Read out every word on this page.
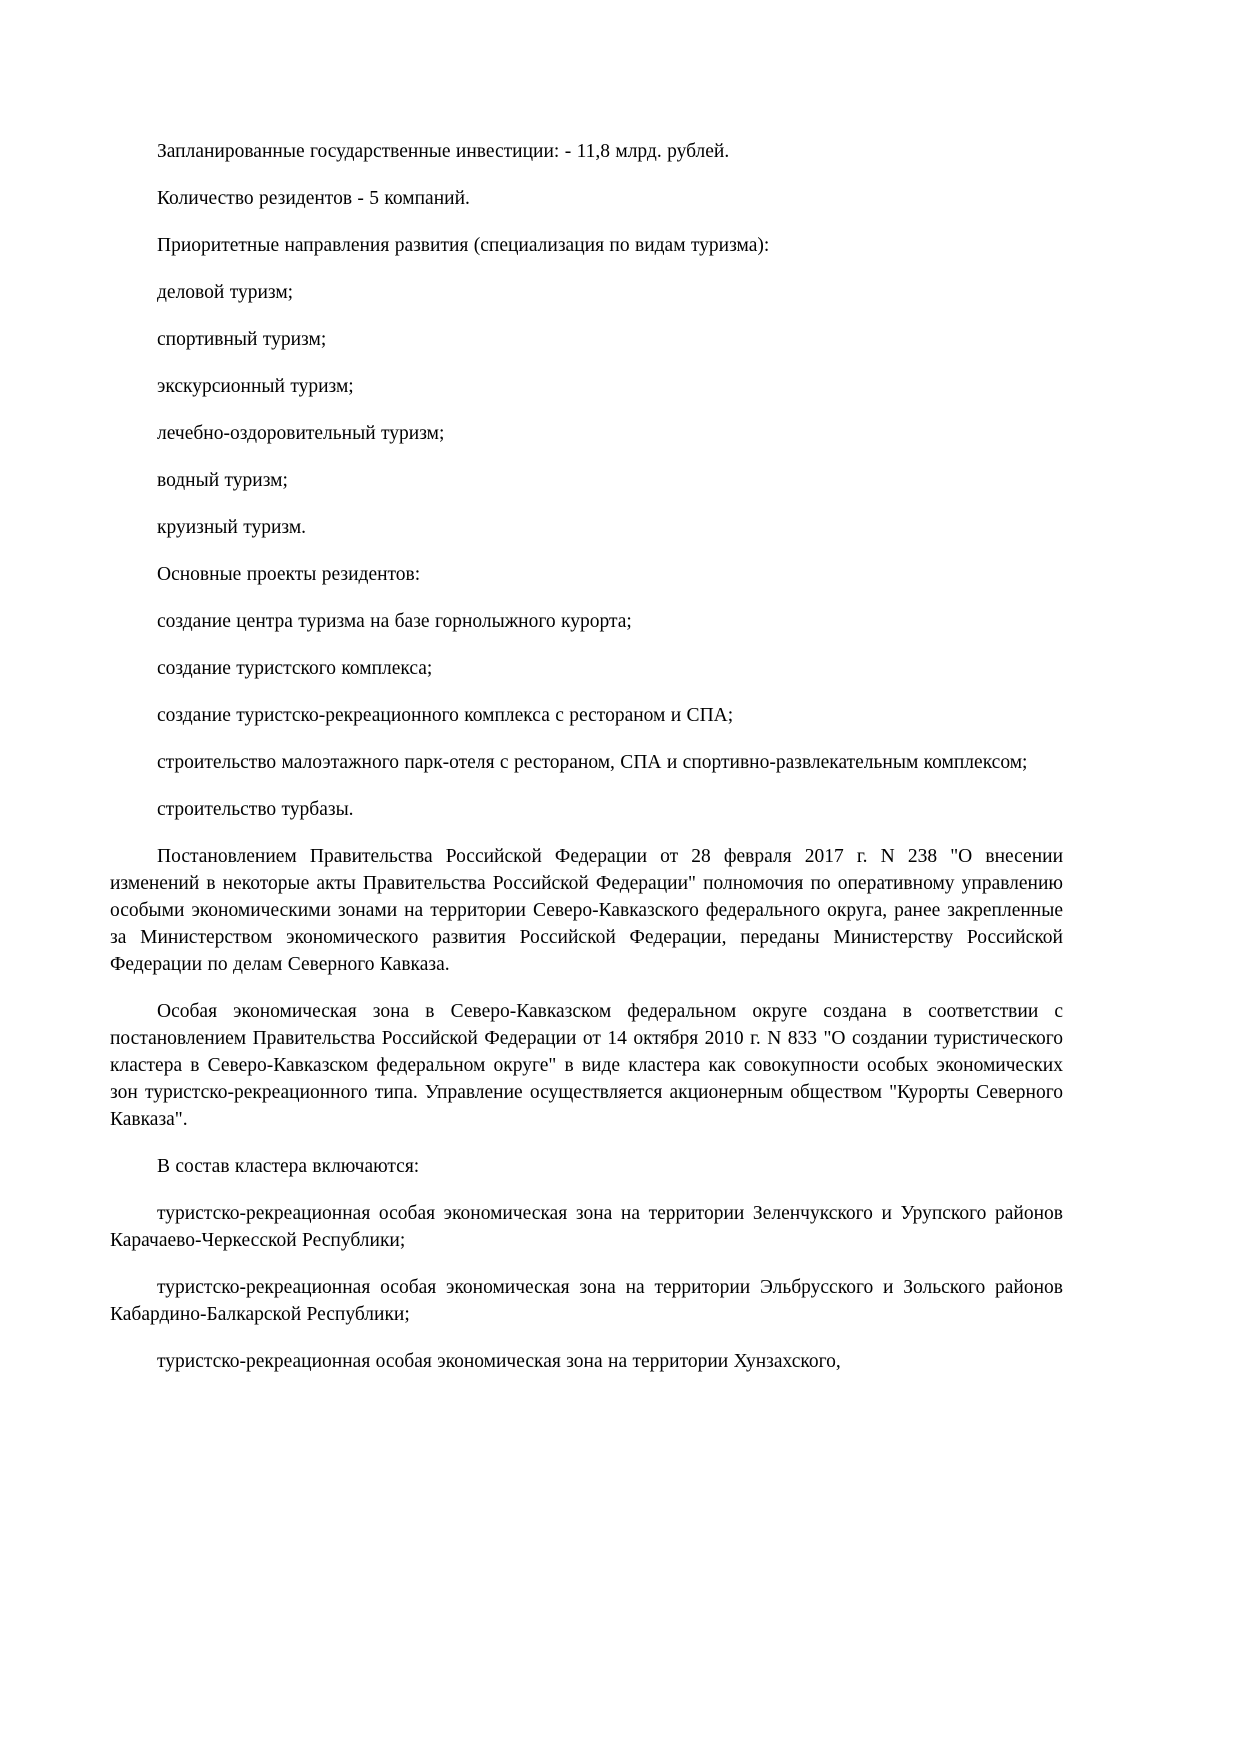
Запланированные государственные инвестиции: - 11,8 млрд. рублей.

Количество резидентов - 5 компаний.

Приоритетные направления развития (специализация по видам туризма):

деловой туризм;

спортивный туризм;

экскурсионный туризм;

лечебно-оздоровительный туризм;

водный туризм;

круизный туризм.

Основные проекты резидентов:

создание центра туризма на базе горнолыжного курорта;

создание туристского комплекса;

создание туристско-рекреационного комплекса с рестораном и СПА;

строительство малоэтажного парк-отеля с рестораном, СПА и спортивно-развлекательным комплексом;

строительство турбазы.

Постановлением Правительства Российской Федерации от 28 февраля 2017 г. N 238 "О внесении изменений в некоторые акты Правительства Российской Федерации" полномочия по оперативному управлению особыми экономическими зонами на территории Северо-Кавказского федерального округа, ранее закрепленные за Министерством экономического развития Российской Федерации, переданы Министерству Российской Федерации по делам Северного Кавказа.

Особая экономическая зона в Северо-Кавказском федеральном округе создана в соответствии с постановлением Правительства Российской Федерации от 14 октября 2010 г. N 833 "О создании туристического кластера в Северо-Кавказском федеральном округе" в виде кластера как совокупности особых экономических зон туристско-рекреационного типа. Управление осуществляется акционерным обществом "Курорты Северного Кавказа".

В состав кластера включаются:

туристско-рекреационная особая экономическая зона на территории Зеленчукского и Урупского районов Карачаево-Черкесской Республики;

туристско-рекреационная особая экономическая зона на территории Эльбрусского и Зольского районов Кабардино-Балкарской Республики;

туристско-рекреационная особая экономическая зона на территории Хунзахского,
